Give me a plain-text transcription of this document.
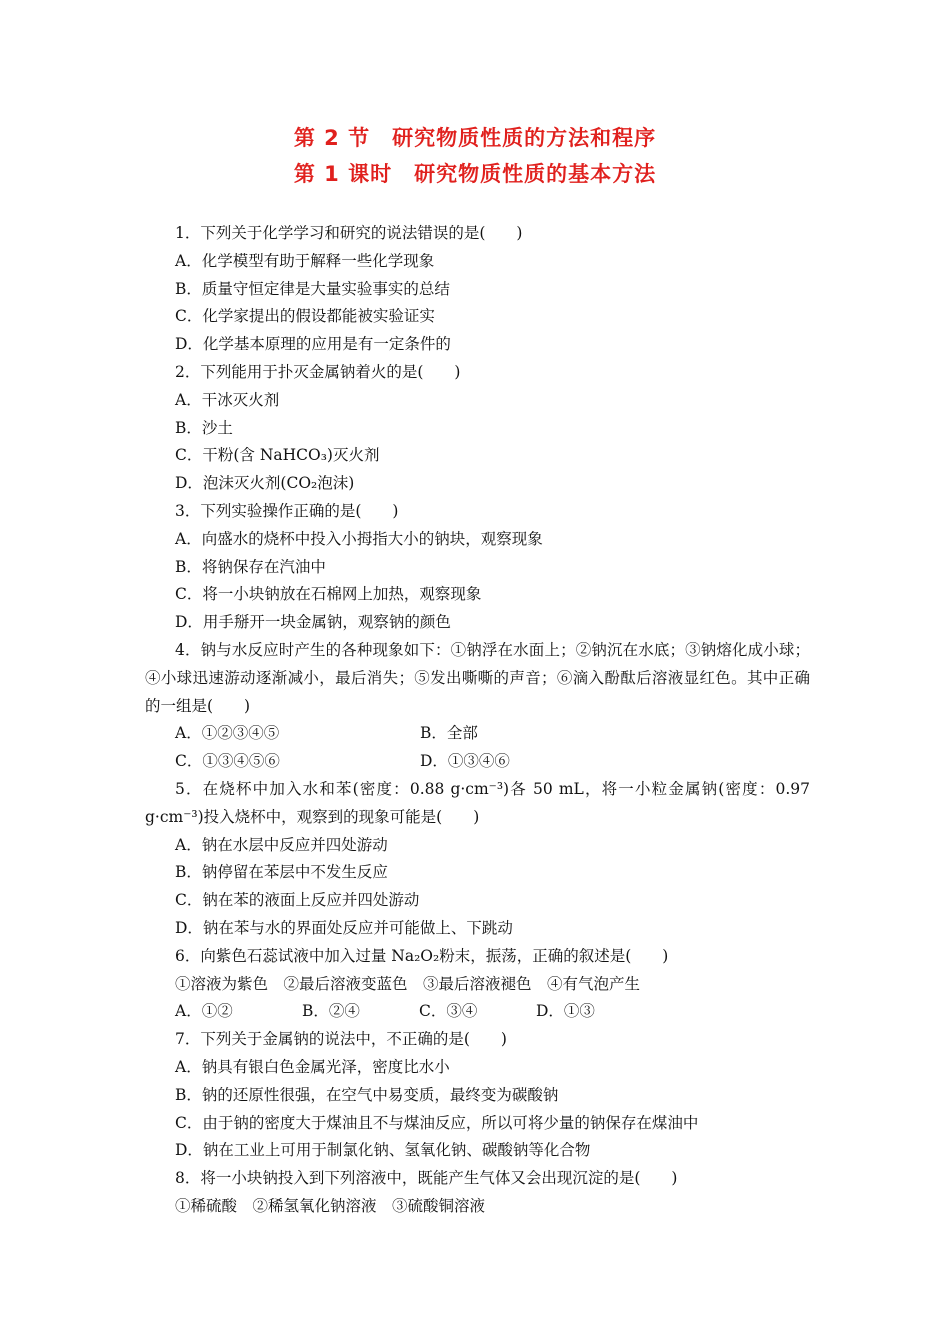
第 2 节　研究物质性质的方法和程序
第 1 课时　研究物质性质的基本方法
1．下列关于化学学习和研究的说法错误的是(　　)
A．化学模型有助于解释一些化学现象
B．质量守恒定律是大量实验事实的总结
C．化学家提出的假设都能被实验证实
D．化学基本原理的应用是有一定条件的
2．下列能用于扑灭金属钠着火的是(　　)
A．干冰灭火剂
B．沙土
C．干粉(含 NaHCO₃)灭火剂
D．泡沫灭火剂(CO₂泡沫)
3．下列实验操作正确的是(　　)
A．向盛水的烧杯中投入小拇指大小的钠块，观察现象
B．将钠保存在汽油中
C．将一小块钠放在石棉网上加热，观察现象
D．用手掰开一块金属钠，观察钠的颜色
4．钠与水反应时产生的各种现象如下：①钠浮在水面上；②钠沉在水底；③钠熔化成小球；④小球迅速游动逐渐减小，最后消失；⑤发出嘶嘶的声音；⑥滴入酚酞后溶液显红色。其中正确的一组是(　　)
A．①②③④⑤	B．全部
C．①③④⑤⑥	D．①③④⑥
5．在烧杯中加入水和苯(密度：0.88 g·cm⁻³)各 50 mL，将一小粒金属钠(密度：0.97 g·cm⁻³)投入烧杯中，观察到的现象可能是(　　)
A．钠在水层中反应并四处游动
B．钠停留在苯层中不发生反应
C．钠在苯的液面上反应并四处游动
D．钠在苯与水的界面处反应并可能做上、下跳动
6．向紫色石蕊试液中加入过量 Na₂O₂粉末，振荡，正确的叙述是(　　)
①溶液为紫色　②最后溶液变蓝色　③最后溶液褪色　④有气泡产生
A．①②	B．②④	C．③④	D．①③
7．下列关于金属钠的说法中，不正确的是(　　)
A．钠具有银白色金属光泽，密度比水小
B．钠的还原性很强，在空气中易变质，最终变为碳酸钠
C．由于钠的密度大于煤油且不与煤油反应，所以可将少量的钠保存在煤油中
D．钠在工业上可用于制氯化钠、氢氧化钠、碳酸钠等化合物
8．将一小块钠投入到下列溶液中，既能产生气体又会出现沉淀的是(　　)
①稀硫酸　②稀氢氧化钠溶液　③硫酸铜溶液
